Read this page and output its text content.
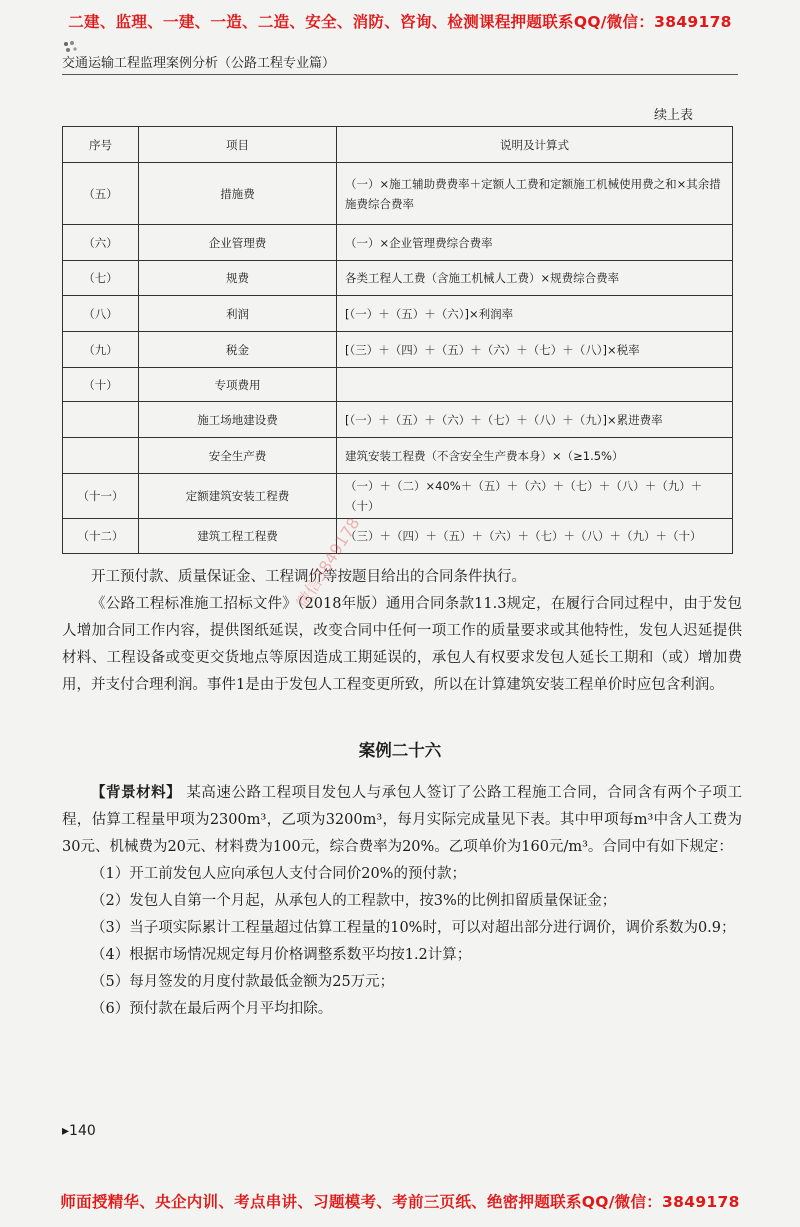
二建、监理、一建、一造、二造、安全、消防、咨询、检测课程押题联系QQ/微信：3849178
交通运输工程监理案例分析（公路工程专业篇）
续上表
序号	项目	说明及计算式
（五）	措施费	（一）×施工辅助费费率＋定额人工费和定额施工机械使用费之和×其余措施费综合费率
（六）	企业管理费	（一）×企业管理费综合费率
（七）	规费	各类工程人工费（含施工机械人工费）×规费综合费率
（八）	利润	[（一）＋（五）＋（六）]×利润率
（九）	税金	[（三）＋（四）＋（五）＋（六）＋（七）＋（八）]×税率
（十）	专项费用	
	施工场地建设费	[（一）＋（五）＋（六）＋（七）＋（八）＋（九）]×累进费率
	安全生产费	建筑安装工程费（不含安全生产费本身）×（≥1.5%）
（十一）	定额建筑安装工程费	（一）＋（二）×40%＋（五）＋（六）＋（七）＋（八）＋（九）＋（十）
（十二）	建筑工程工程费	（三）＋（四）＋（五）＋（六）＋（七）＋（八）＋（九）＋（十）

开工预付款、质量保证金、工程调价等按题目给出的合同条件执行。

《公路工程标准施工招标文件》（2018年版）通用合同条款11.3规定，在履行合同过程中，由于发包人增加合同工作内容，提供图纸延误，改变合同中任何一项工作的质量要求或其他特性，发包人迟延提供材料、工程设备或变更交货地点等原因造成工期延误的，承包人有权要求发包人延长工期和（或）增加费用，并支付合理利润。事件1是由于发包人工程变更所致，所以在计算建筑安装工程单价时应包含利润。

案例二十六

【背景材料】 某高速公路工程项目发包人与承包人签订了公路工程施工合同，合同含有两个子项工程，估算工程量甲项为2300m³，乙项为3200m³，每月实际完成量见下表。其中甲项每m³中含人工费为30元、机械费为20元、材料费为100元，综合费率为20%。乙项单价为160元/m³。合同中有如下规定：

（1）开工前发包人应向承包人支付合同价20%的预付款；

（2）发包人自第一个月起，从承包人的工程款中，按3%的比例扣留质量保证金；

（3）当子项实际累计工程量超过估算工程量的10%时，可以对超出部分进行调价，调价系数为0.9；

（4）根据市场情况规定每月价格调整系数平均按1.2计算；

（5）每月签发的月度付款最低金额为25万元；

（6）预付款在最后两个月平均扣除。

微信3849178
▸140
师面授精华、央企内训、考点串讲、习题模考、考前三页纸、绝密押题联系QQ/微信：3849178
